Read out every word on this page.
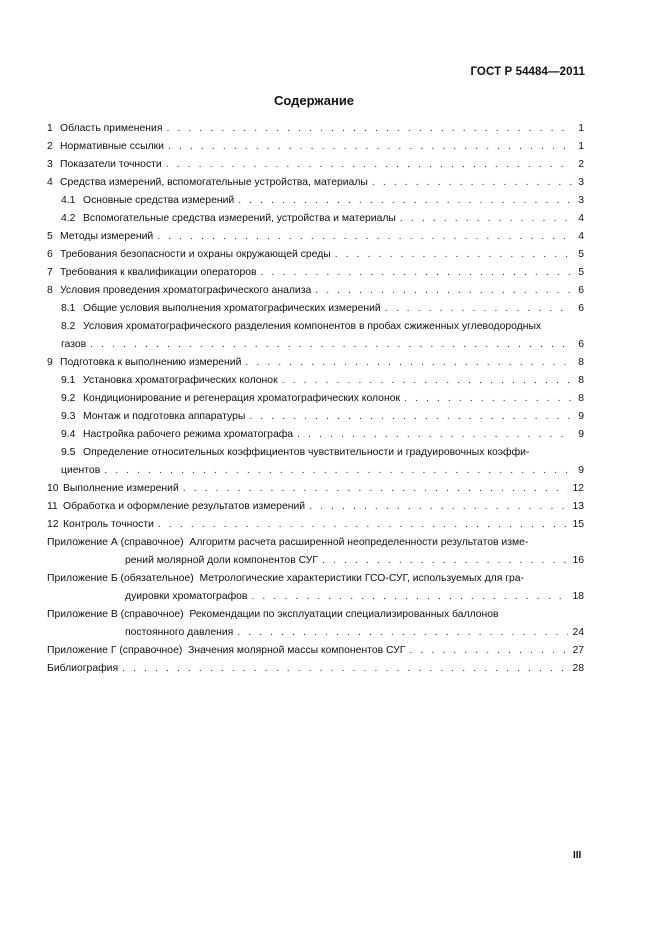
ГОСТ Р 54484—2011
Содержание
1 Область применения . . .	1
2 Нормативные ссылки . . .	1
3 Показатели точности . . .	2
4 Средства измерений, вспомогательные устройства, материалы . . .	3
4.1 Основные средства измерений . . .	3
4.2 Вспомогательные средства измерений, устройства и материалы . . .	4
5 Методы измерений . . .	4
6 Требования безопасности и охраны окружающей среды . . .	5
7 Требования к квалификации операторов . . .	5
8 Условия проведения хроматографического анализа . . .	6
8.1 Общие условия выполнения хроматографических измерений . . .	6
8.2 Условия хроматографического разделения компонентов в пробах сжиженных углеводородных
газов . . .	6
9 Подготовка к выполнению измерений . . .	8
9.1 Установка хроматографических колонок . . .	8
9.2 Кондиционирование и регенерация хроматографических колонок . . .	8
9.3 Монтаж и подготовка аппаратуры . . .	9
9.4 Настройка рабочего режима хроматографа . . .	9
9.5 Определение относительных коэффициентов чувствительности и градуировочных коэффи-
циентов . . .	9
10 Выполнение измерений . . .	12
11 Обработка и оформление результатов измерений . . .	13
12 Контроль точности . . .	15
Приложение А (справочное) Алгоритм расчета расширенной неопределенности результатов изме-
рений молярной доли компонентов СУГ . . .	16
Приложение Б (обязательное) Метрологические характеристики ГСО-СУГ, используемых для гра-
дуировки хроматографов . . .	18
Приложение В (справочное) Рекомендации по эксплуатации специализированных баллонов
постоянного давления . . .	24
Приложение Г (справочное) Значения молярной массы компонентов СУГ . . .	27
Библиография . . .	28
III
